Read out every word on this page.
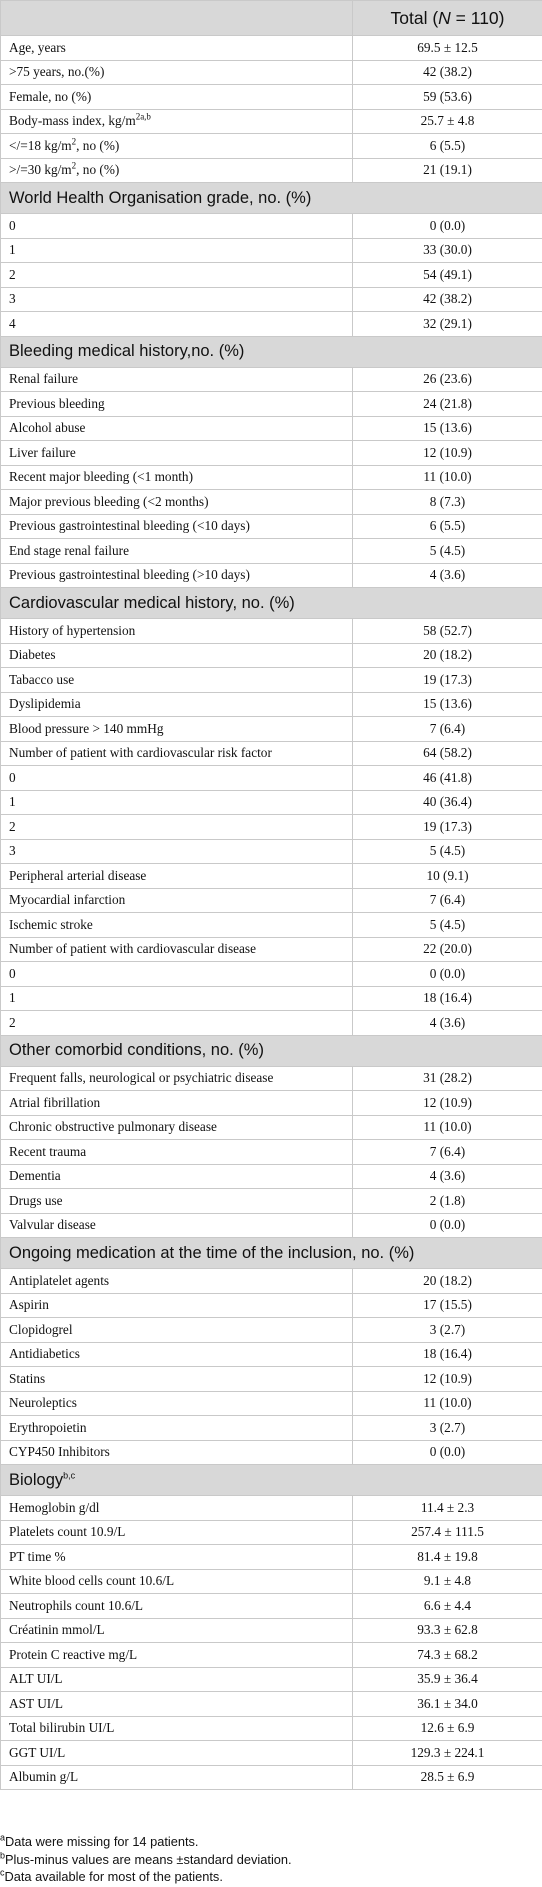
	Total (N = 110)
Age, years	69.5 ± 12.5
>75 years, no.(%)	42 (38.2)
Female, no (%)	59 (53.6)
Body-mass index, $kg/m^{2a,b}$	25.7 ± 4.8
</=18 $kg/m^2$, no (%)	6 (5.5)
>/=30 $kg/m^2$, no (%)	21 (19.1)
World Health Organisation grade, no. (%)	
0	0 (0.0)
1	33 (30.0)
2	54 (49.1)
3	42 (38.2)
4	32 (29.1)
Bleeding medical history,no. (%)	
Renal failure	26 (23.6)
Previous bleeding	24 (21.8)
Alcohol abuse	15 (13.6)
Liver failure	12 (10.9)
Recent major bleeding (<1 month)	11 (10.0)
Major previous bleeding (<2 months)	8 (7.3)
Previous gastrointestinal bleeding (<10 days)	6 (5.5)
End stage renal failure	5 (4.5)
Previous gastrointestinal bleeding (>10 days)	4 (3.6)
Cardiovascular medical history, no. (%)	
History of hypertension	58 (52.7)
Diabetes	20 (18.2)
Tabacco use	19 (17.3)
Dyslipidemia	15 (13.6)
Blood pressure > 140 mmHg	7 (6.4)
Number of patient with cardiovascular risk factor	64 (58.2)
0	46 (41.8)
1	40 (36.4)
2	19 (17.3)
3	5 (4.5)
Peripheral arterial disease	10 (9.1)
Myocardial infarction	7 (6.4)
Ischemic stroke	5 (4.5)
Number of patient with cardiovascular disease	22 (20.0)
0	0 (0.0)
1	18 (16.4)
2	4 (3.6)
Other comorbid conditions, no. (%)	
Frequent falls, neurological or psychiatric disease	31 (28.2)
Atrial fibrillation	12 (10.9)
Chronic obstructive pulmonary disease	11 (10.0)
Recent trauma	7 (6.4)
Dementia	4 (3.6)
Drugs use	2 (1.8)
Valvular disease	0 (0.0)
Ongoing medication at the time of the inclusion, no. (%)	
Antiplatelet agents	20 (18.2)
Aspirin	17 (15.5)
Clopidogrel	3 (2.7)
Antidiabetics	18 (16.4)
Statins	12 (10.9)
Neuroleptics	11 (10.0)
Erythropoietin	3 (2.7)
CYP450 Inhibitors	0 (0.0)
Biology$^{b,c}$
Hemoglobin g/dl	11.4 ± 2.3
Platelets count 10.9/L	257.4 ± 111.5
PT time %	81.4 ± 19.8
White blood cells count 10.6/L	9.1 ± 4.8
Neutrophils count 10.6/L	6.6 ± 4.4
Créatinin mmol/L	93.3 ± 62.8
Protein C reactive mg/L	74.3 ± 68.2
ALT UI/L	35.9 ± 36.4
AST UI/L	36.1 ± 34.0
Total bilirubin UI/L	12.6 ± 6.9
GGT UI/L	129.3 ± 224.1
Albumin g/L	28.5 ± 6.9
$^a$Data were missing for 14 patients.
$^b$Plus-minus values are means ±standard deviation.
$^c$Data available for most of the patients.
